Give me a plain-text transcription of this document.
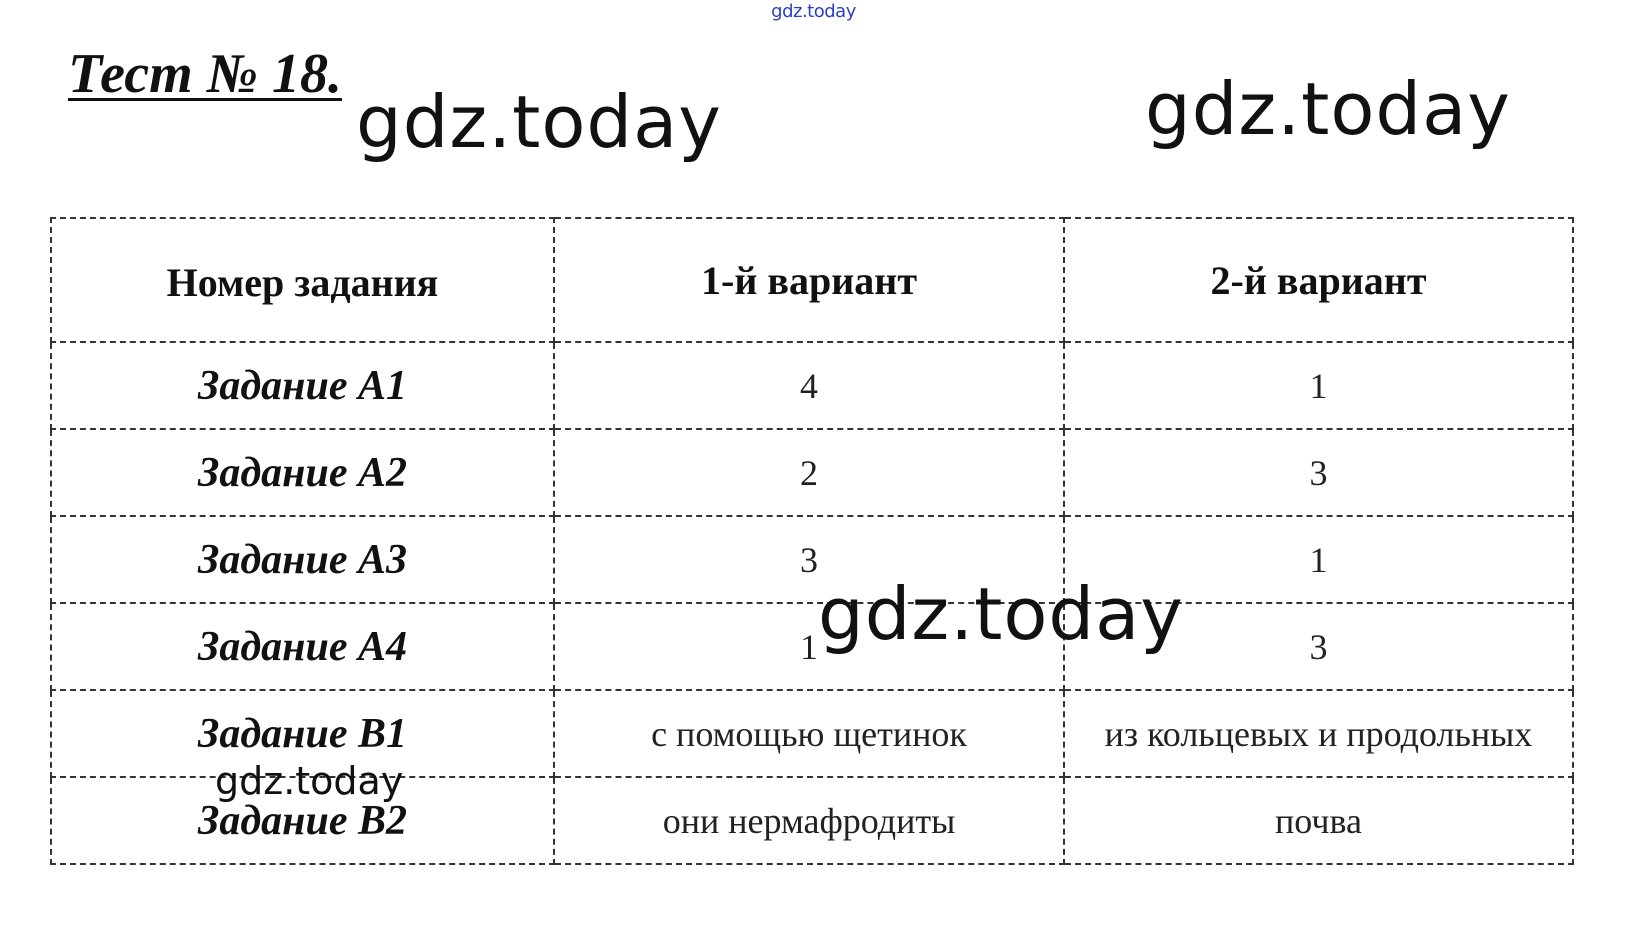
gdz.today
Тест № 18.
Номер задания	1-й вариант	2-й вариант
Задание А1	4	1
Задание А2	2	3
Задание А3	3	1
Задание А4	1	3
Задание В1	с помощью щетинок	из кольцевых и продольных
Задание В2	они нермафродиты	почва
gdz.today	gdz.today
gdz.today
gdz.today
